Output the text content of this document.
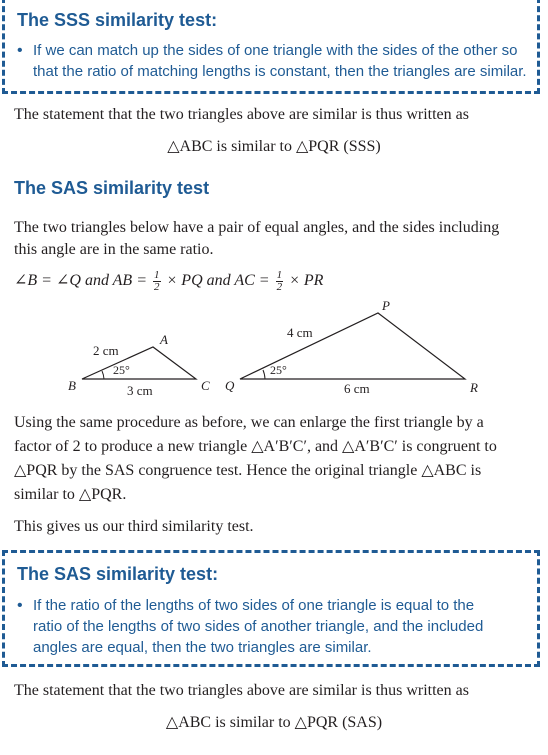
The SSS similarity test:
• If we can match up the sides of one triangle with the sides of the other so
that the ratio of matching lengths is constant, then the triangles are similar.

The statement that the two triangles above are similar is thus written as

△ABC is similar to △PQR (SSS)
The SAS similarity test

The two triangles below have a pair of equal angles, and the sides including
this angle are in the same ratio.

∠B = ∠Q and AB = $\frac{1}{2}$ × PQ and AC = $\frac{1}{2}$ × PR
B	C
A
2 cm
3 cm
25°
Q	R
P
4 cm
6 cm
25°

Using the same procedure as before, we can enlarge the first triangle by a
factor of 2 to produce a new triangle △A′B′C′, and △A′B′C′ is congruent to
△PQR by the SAS congruence test. Hence the original triangle △ABC is
similar to △PQR.

This gives us our third similarity test.

The SAS similarity test:
• If the ratio of the lengths of two sides of one triangle is equal to the
ratio of the lengths of two sides of another triangle, and the included
angles are equal, then the two triangles are similar.

The statement that the two triangles above are similar is thus written as

△ABC is similar to △PQR (SAS)
